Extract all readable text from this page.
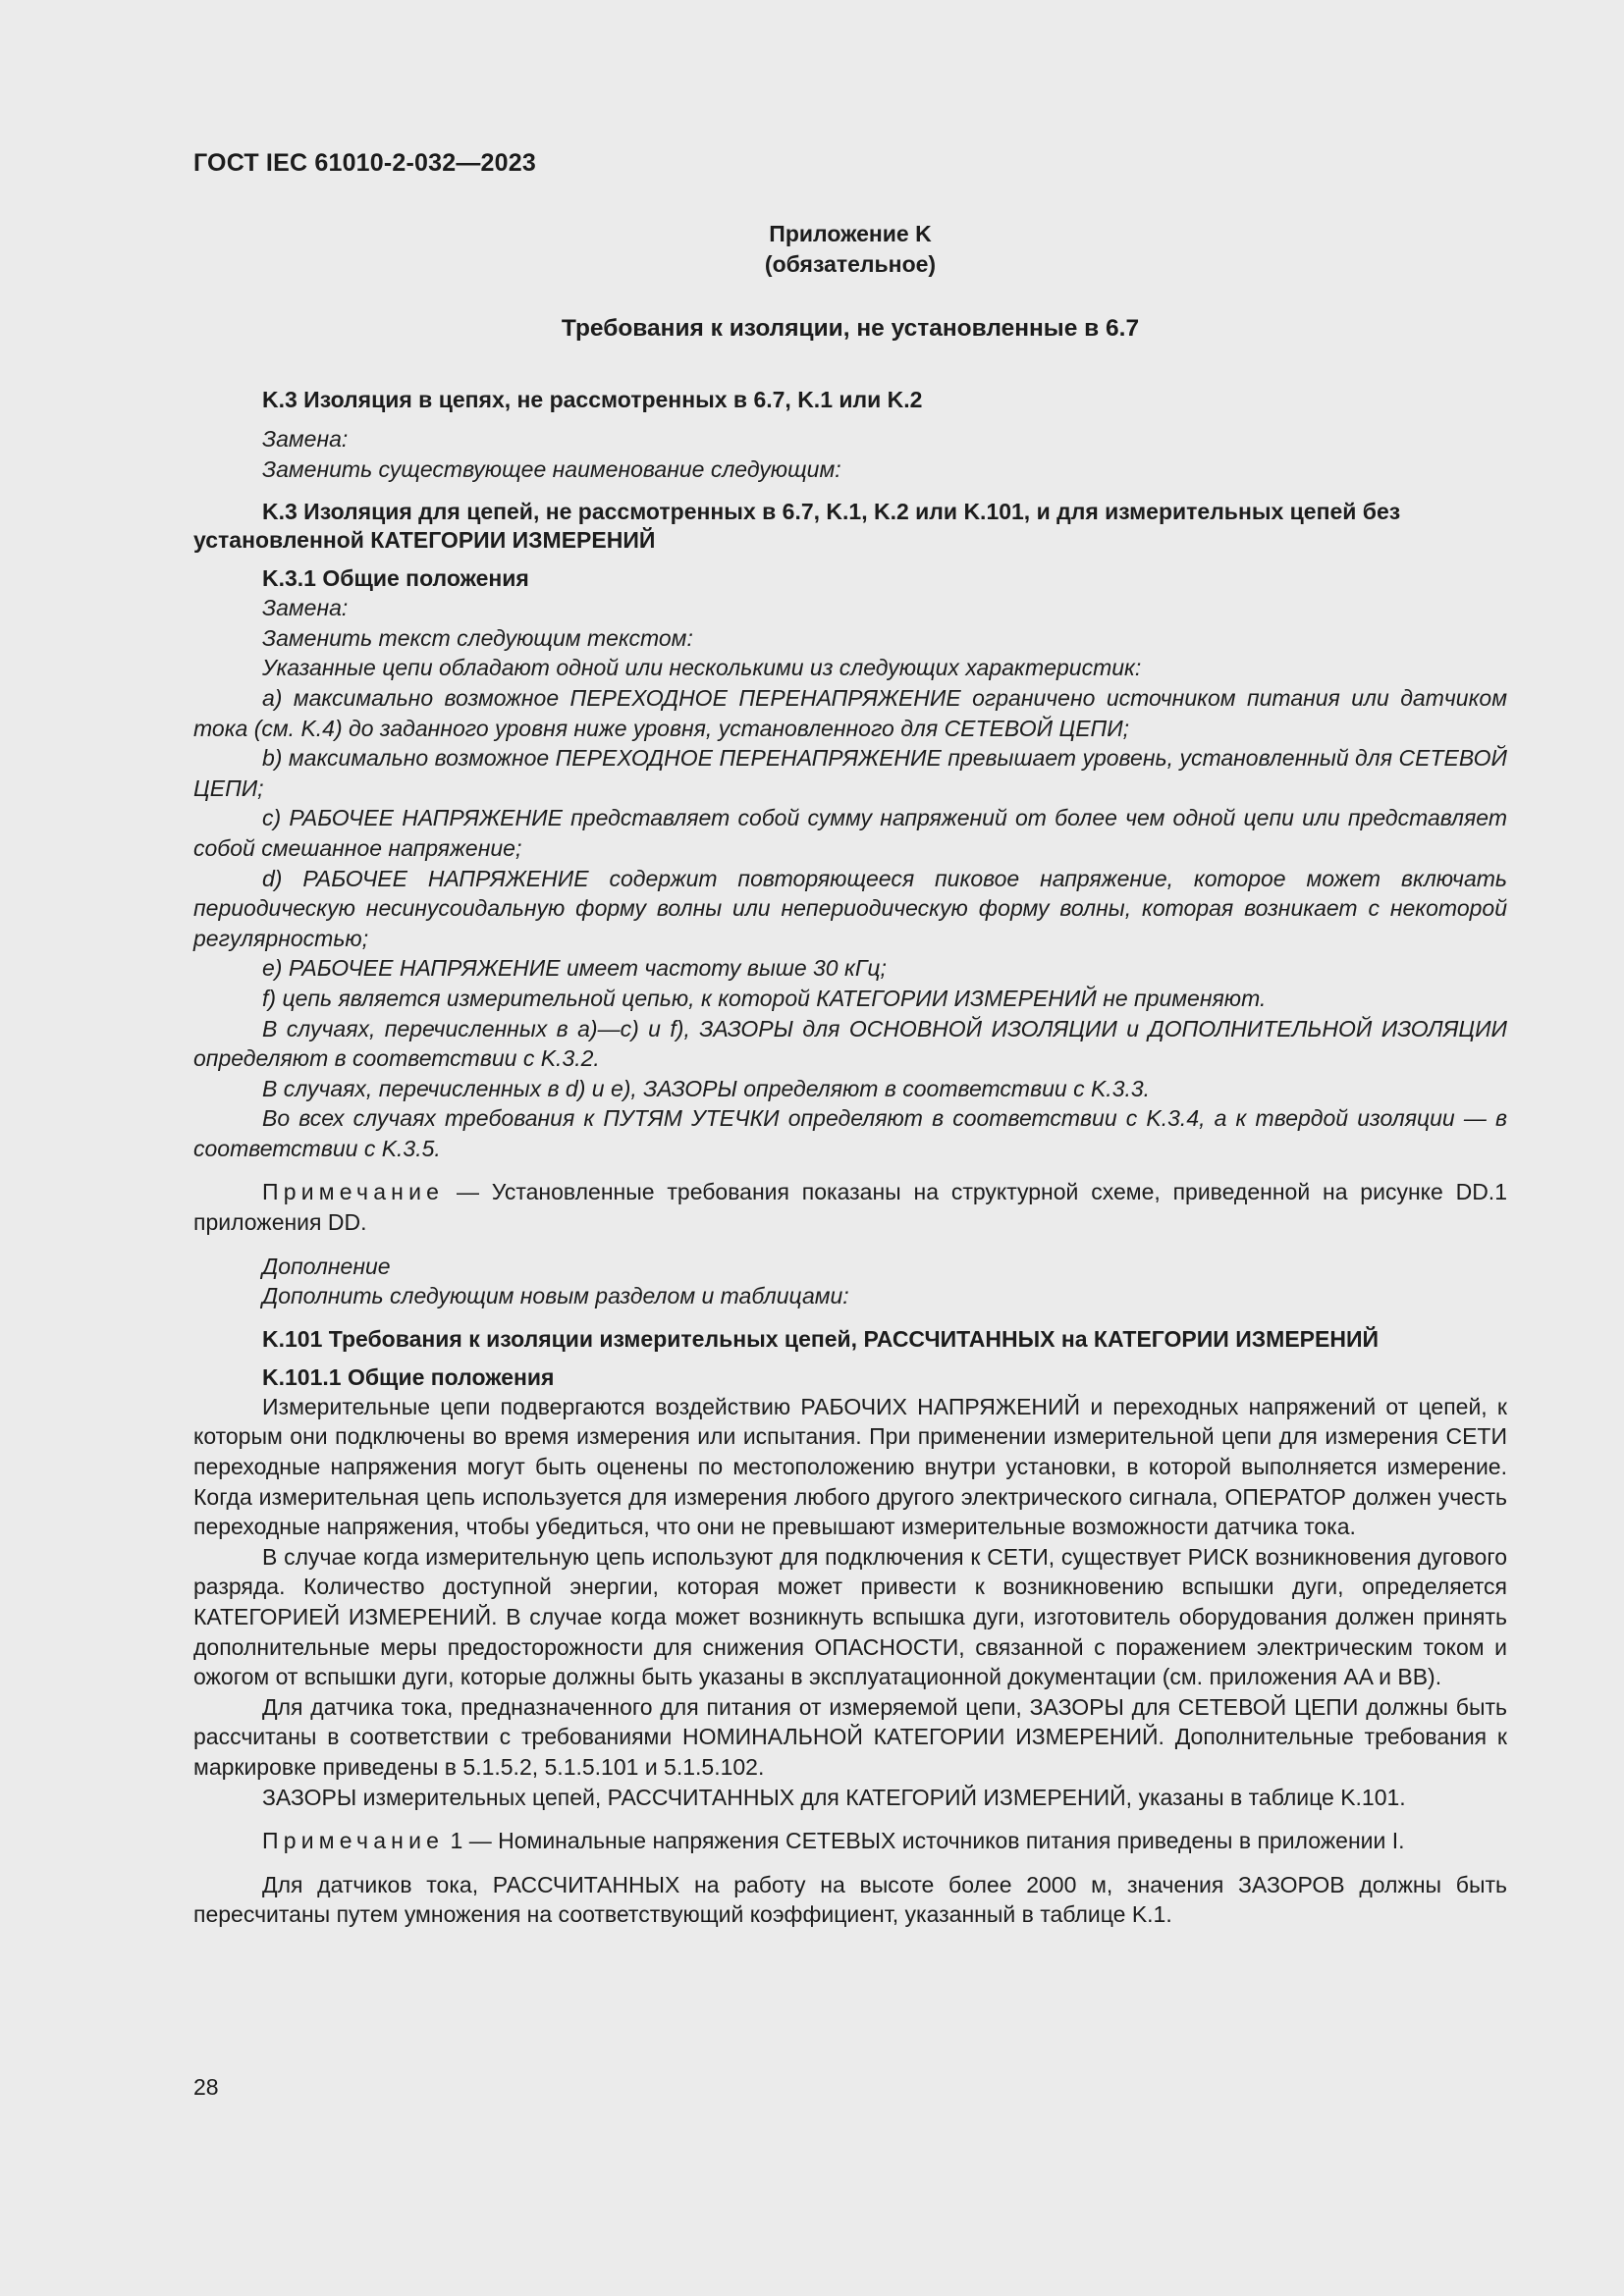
ГОСТ IEC 61010-2-032—2023
Приложение K
(обязательное)
Требования к изоляции, не установленные в 6.7
K.3 Изоляция в цепях, не рассмотренных в 6.7, K.1 или K.2

Замена:

Заменить существующее наименование следующим:

K.3 Изоляция для цепей, не рассмотренных в 6.7, K.1, K.2 или K.101, и для измерительных цепей без установленной КАТЕГОРИИ ИЗМЕРЕНИЙ
K.3.1 Общие положения

Замена:

Заменить текст следующим текстом:

Указанные цепи обладают одной или несколькими из следующих характеристик:

a) максимально возможное ПЕРЕХОДНОЕ ПЕРЕНАПРЯЖЕНИЕ ограничено источником питания или датчиком тока (см. K.4) до заданного уровня ниже уровня, установленного для СЕТЕВОЙ ЦЕПИ;

b) максимально возможное ПЕРЕХОДНОЕ ПЕРЕНАПРЯЖЕНИЕ превышает уровень, установленный для СЕТЕВОЙ ЦЕПИ;

c) РАБОЧЕЕ НАПРЯЖЕНИЕ представляет собой сумму напряжений от более чем одной цепи или представляет собой смешанное напряжение;

d) РАБОЧЕЕ НАПРЯЖЕНИЕ содержит повторяющееся пиковое напряжение, которое может включать периодическую несинусоидальную форму волны или непериодическую форму волны, которая возникает с некоторой регулярностью;

e) РАБОЧЕЕ НАПРЯЖЕНИЕ имеет частоту выше 30 кГц;

f) цепь является измерительной цепью, к которой КАТЕГОРИИ ИЗМЕРЕНИЙ не применяют.

В случаях, перечисленных в a)—c) и f), ЗАЗОРЫ для ОСНОВНОЙ ИЗОЛЯЦИИ и ДОПОЛНИТЕЛЬНОЙ ИЗОЛЯЦИИ определяют в соответствии с K.3.2.

В случаях, перечисленных в d) и e), ЗАЗОРЫ определяют в соответствии с K.3.3.

Во всех случаях требования к ПУТЯМ УТЕЧКИ определяют в соответствии с K.3.4, а к твердой изоляции — в соответствии с K.3.5.

Примечание — Установленные требования показаны на структурной схеме, приведенной на рисунке DD.1 приложения DD.

Дополнение

Дополнить следующим новым разделом и таблицами:

K.101 Требования к изоляции измерительных цепей, РАССЧИТАННЫХ на КАТЕГОРИИ ИЗМЕРЕНИЙ
K.101.1 Общие положения

Измерительные цепи подвергаются воздействию РАБОЧИХ НАПРЯЖЕНИЙ и переходных напряжений от цепей, к которым они подключены во время измерения или испытания. При применении измерительной цепи для измерения СЕТИ переходные напряжения могут быть оценены по местоположению внутри установки, в которой выполняется измерение. Когда измерительная цепь используется для измерения любого другого электрического сигнала, ОПЕРАТОР должен учесть переходные напряжения, чтобы убедиться, что они не превышают измерительные возможности датчика тока.

В случае когда измерительную цепь используют для подключения к СЕТИ, существует РИСК возникновения дугового разряда. Количество доступной энергии, которая может привести к возникновению вспышки дуги, определяется КАТЕГОРИЕЙ ИЗМЕРЕНИЙ. В случае когда может возникнуть вспышка дуги, изготовитель оборудования должен принять дополнительные меры предосторожности для снижения ОПАСНОСТИ, связанной с поражением электрическим током и ожогом от вспышки дуги, которые должны быть указаны в эксплуатационной документации (см. приложения AA и BB).

Для датчика тока, предназначенного для питания от измеряемой цепи, ЗАЗОРЫ для СЕТЕВОЙ ЦЕПИ должны быть рассчитаны в соответствии с требованиями НОМИНАЛЬНОЙ КАТЕГОРИИ ИЗМЕРЕНИЙ. Дополнительные требования к маркировке приведены в 5.1.5.2, 5.1.5.101 и 5.1.5.102.

ЗАЗОРЫ измерительных цепей, РАССЧИТАННЫХ для КАТЕГОРИЙ ИЗМЕРЕНИЙ, указаны в таблице K.101.

Примечание 1 — Номинальные напряжения СЕТЕВЫХ источников питания приведены в приложении I.

Для датчиков тока, РАССЧИТАННЫХ на работу на высоте более 2000 м, значения ЗАЗОРОВ должны быть пересчитаны путем умножения на соответствующий коэффициент, указанный в таблице K.1.

28
